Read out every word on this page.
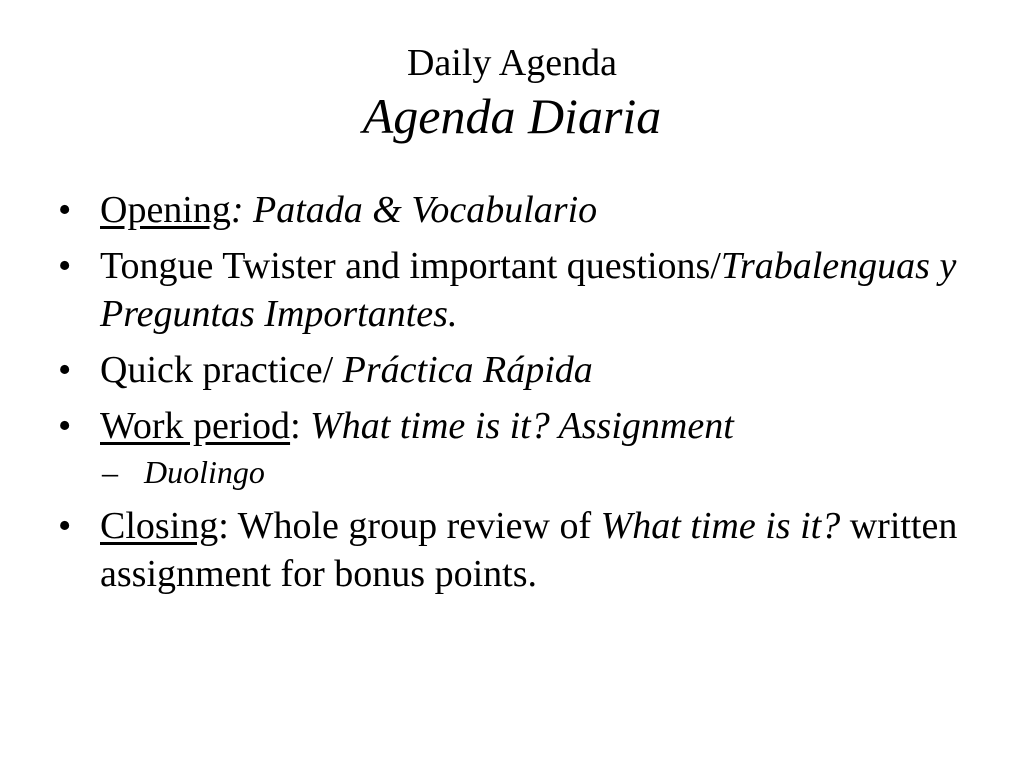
Daily Agenda
Agenda Diaria
• Opening: Patada & Vocabulario
• Tongue Twister and important questions/Trabalenguas y Preguntas Importantes.
• Quick practice/ Práctica Rápida
• Work period: What time is it? Assignment
– Duolingo
• Closing: Whole group review of What time is it? written assignment for bonus points.
